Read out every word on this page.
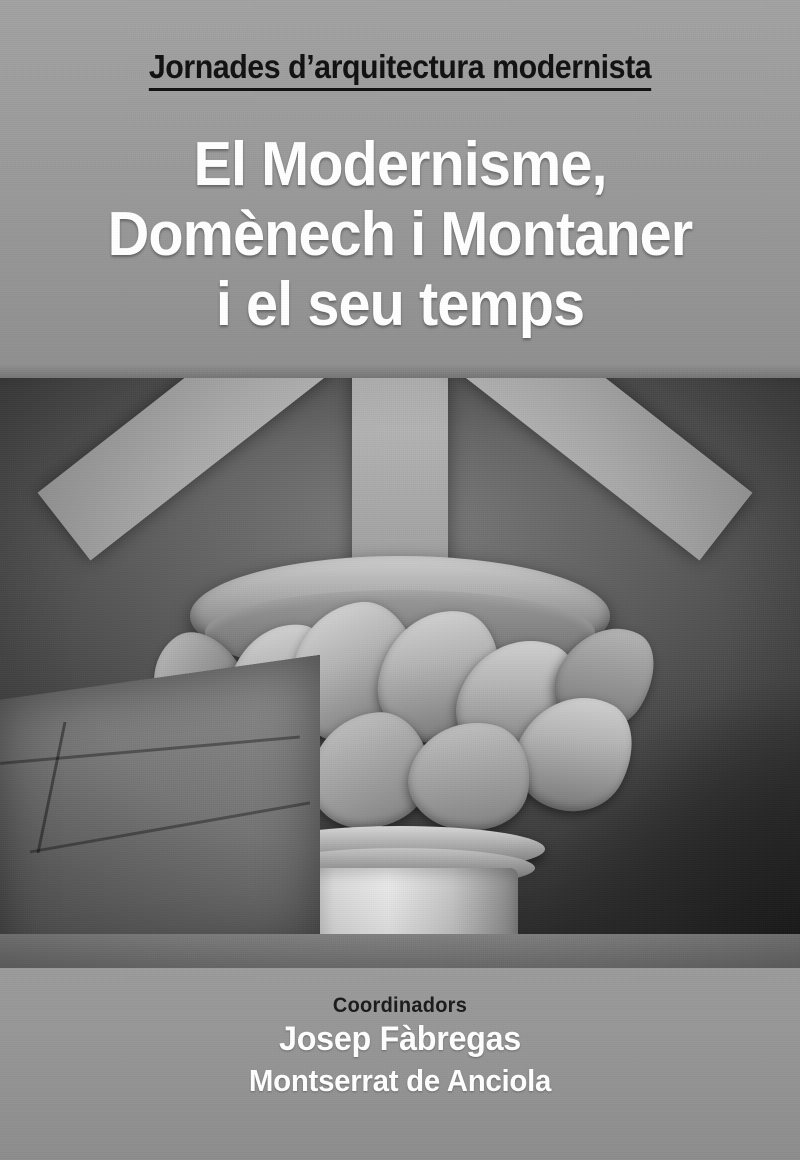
Jornades d’arquitectura modernista
El Modernisme,
Domènech i Montaner
i el seu temps
Coordinadors
Josep Fàbregas
Montserrat de Anciola
